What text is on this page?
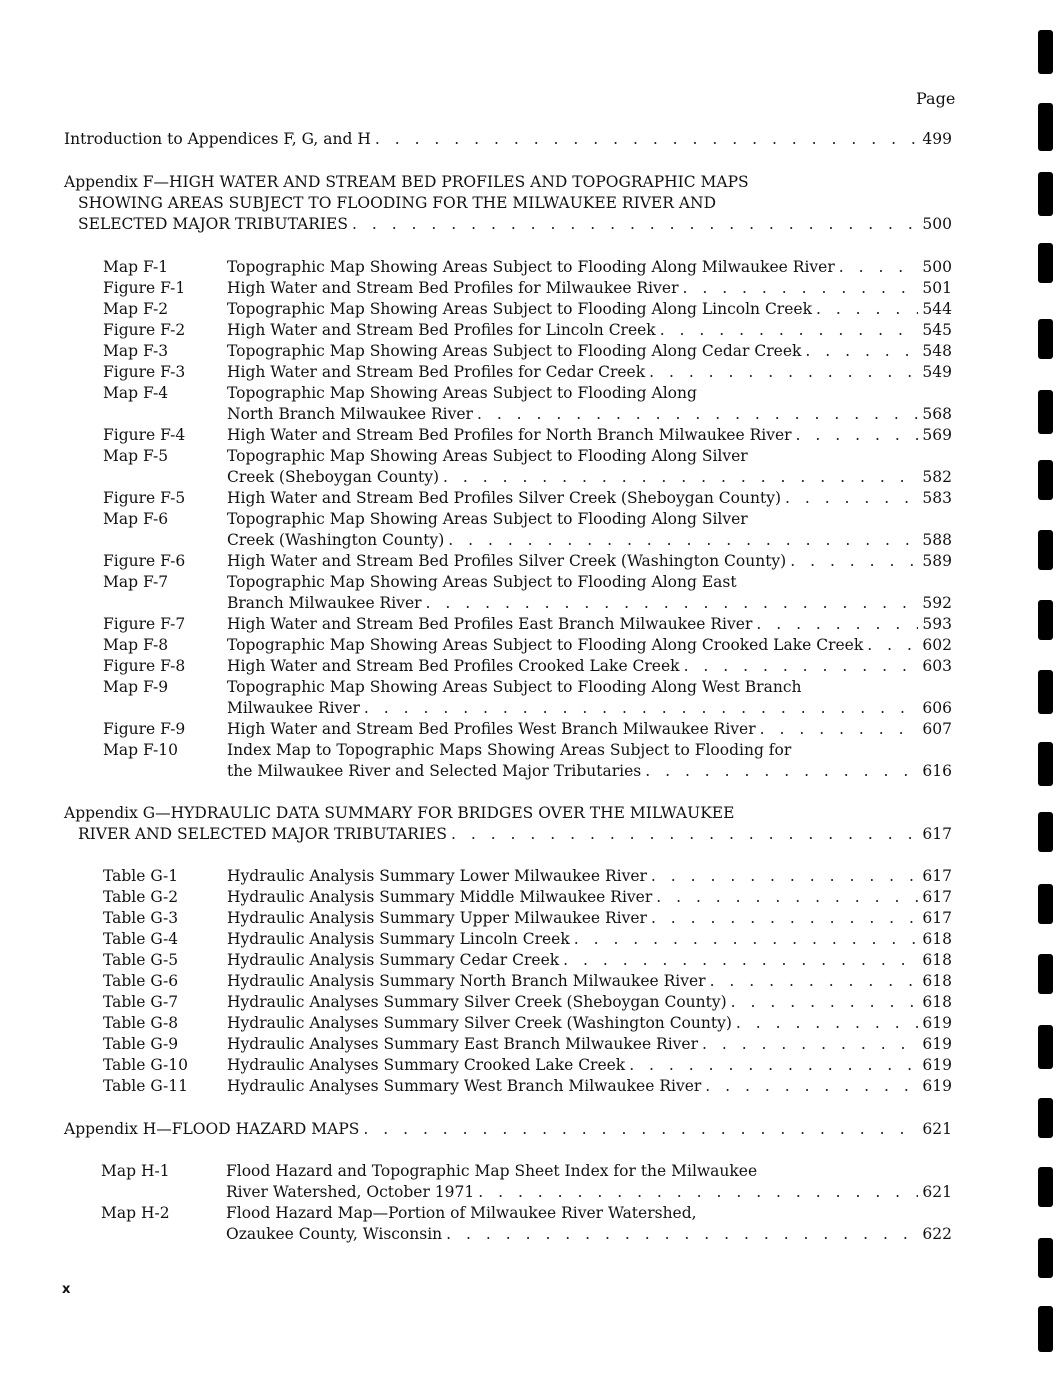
Page
Introduction to Appendices F, G, and H . . .	499
Appendix F—HIGH WATER AND STREAM BED PROFILES AND TOPOGRAPHIC MAPS
SHOWING AREAS SUBJECT TO FLOODING FOR THE MILWAUKEE RIVER AND
SELECTED MAJOR TRIBUTARIES . . .	500
Map F-1	Topographic Map Showing Areas Subject to Flooding Along Milwaukee River . . .	500
Figure F-1	High Water and Stream Bed Profiles for Milwaukee River . . .	501
Map F-2	Topographic Map Showing Areas Subject to Flooding Along Lincoln Creek . . .	544
Figure F-2	High Water and Stream Bed Profiles for Lincoln Creek . . .	545
Map F-3	Topographic Map Showing Areas Subject to Flooding Along Cedar Creek . . .	548
Figure F-3	High Water and Stream Bed Profiles for Cedar Creek . . .	549
Map F-4	Topographic Map Showing Areas Subject to Flooding Along
North Branch Milwaukee River . . .	568
Figure F-4	High Water and Stream Bed Profiles for North Branch Milwaukee River . . .	569
Map F-5	Topographic Map Showing Areas Subject to Flooding Along Silver
Creek (Sheboygan County) . . .	582
Figure F-5	High Water and Stream Bed Profiles Silver Creek (Sheboygan County) . . .	583
Map F-6	Topographic Map Showing Areas Subject to Flooding Along Silver
Creek (Washington County) . . .	588
Figure F-6	High Water and Stream Bed Profiles Silver Creek (Washington County) . . .	589
Map F-7	Topographic Map Showing Areas Subject to Flooding Along East
Branch Milwaukee River . . .	592
Figure F-7	High Water and Stream Bed Profiles East Branch Milwaukee River . . .	593
Map F-8	Topographic Map Showing Areas Subject to Flooding Along Crooked Lake Creek . . .	602
Figure F-8	High Water and Stream Bed Profiles Crooked Lake Creek . . .	603
Map F-9	Topographic Map Showing Areas Subject to Flooding Along West Branch
Milwaukee River . . .	606
Figure F-9	High Water and Stream Bed Profiles West Branch Milwaukee River . . .	607
Map F-10	Index Map to Topographic Maps Showing Areas Subject to Flooding for
the Milwaukee River and Selected Major Tributaries . . .	616
Appendix G—HYDRAULIC DATA SUMMARY FOR BRIDGES OVER THE MILWAUKEE
RIVER AND SELECTED MAJOR TRIBUTARIES . . .	617
Table G-1	Hydraulic Analysis Summary Lower Milwaukee River . . .	617
Table G-2	Hydraulic Analysis Summary Middle Milwaukee River . . .	617
Table G-3	Hydraulic Analysis Summary Upper Milwaukee River . . .	617
Table G-4	Hydraulic Analysis Summary Lincoln Creek . . .	618
Table G-5	Hydraulic Analysis Summary Cedar Creek . . .	618
Table G-6	Hydraulic Analysis Summary North Branch Milwaukee River . . .	618
Table G-7	Hydraulic Analyses Summary Silver Creek (Sheboygan County) . . .	618
Table G-8	Hydraulic Analyses Summary Silver Creek (Washington County) . . .	619
Table G-9	Hydraulic Analyses Summary East Branch Milwaukee River . . .	619
Table G-10	Hydraulic Analyses Summary Crooked Lake Creek . . .	619
Table G-11	Hydraulic Analyses Summary West Branch Milwaukee River . . .	619
Appendix H—FLOOD HAZARD MAPS . . .	621
Map H-1	Flood Hazard and Topographic Map Sheet Index for the Milwaukee
River Watershed, October 1971 . . .	621
Map H-2	Flood Hazard Map—Portion of Milwaukee River Watershed,
Ozaukee County, Wisconsin . . .	622
x
